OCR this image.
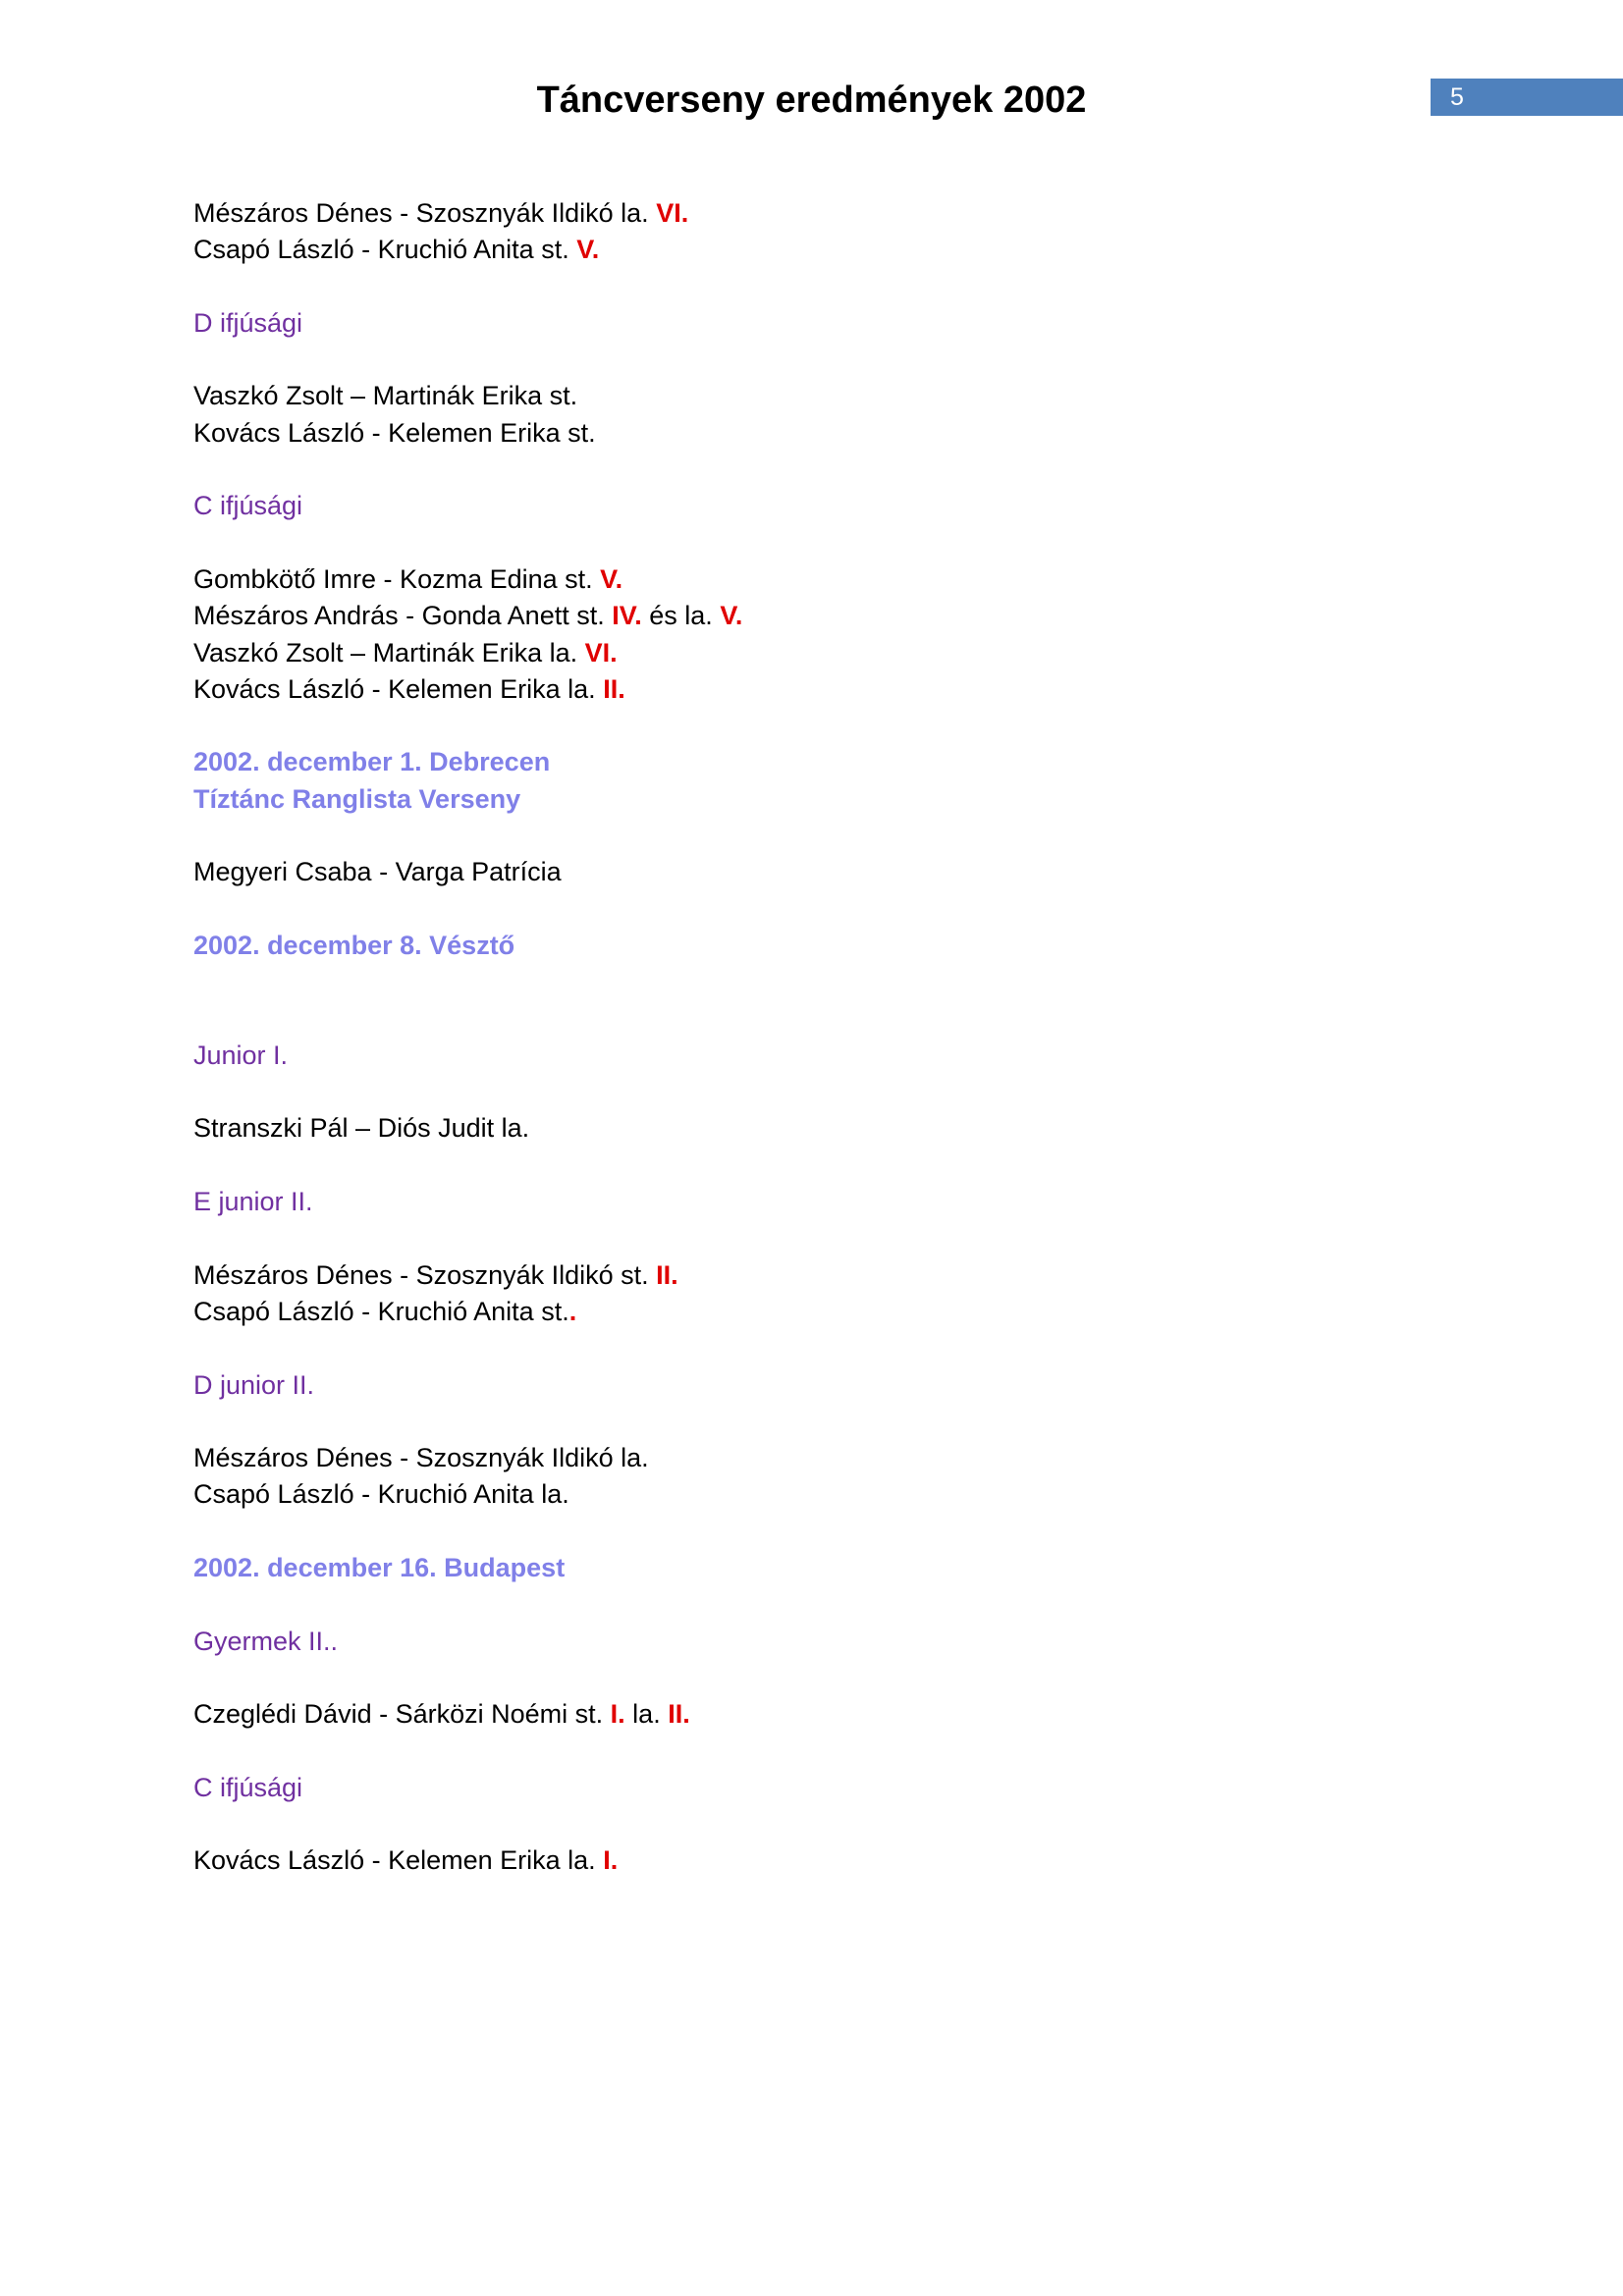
Táncverseny eredmények 2002	5
Mészáros Dénes - Szosznyák Ildikó la. VI.
Csapó László - Kruchió Anita st. V.
D ifjúsági
Vaszkó Zsolt – Martinák Erika st.
Kovács László - Kelemen Erika st.
C ifjúsági
Gombkötő Imre - Kozma Edina st. V.
Mészáros András - Gonda Anett st. IV. és la. V.
Vaszkó Zsolt – Martinák Erika la. VI.
Kovács László - Kelemen Erika la. II.
2002. december 1. Debrecen
Tíztánc Ranglista Verseny
Megyeri Csaba - Varga Patrícia
2002. december 8. Vésztő
Junior I.
Stranszki Pál – Diós Judit la.
E junior II.
Mészáros Dénes - Szosznyák Ildikó st. II.
Csapó László - Kruchió Anita st..
D junior II.
Mészáros Dénes - Szosznyák Ildikó la.
Csapó László - Kruchió Anita la.
2002. december 16. Budapest
Gyermek II..
Czeglédi Dávid - Sárközi Noémi st. I. la. II.
C ifjúsági
Kovács László - Kelemen Erika la. I.
